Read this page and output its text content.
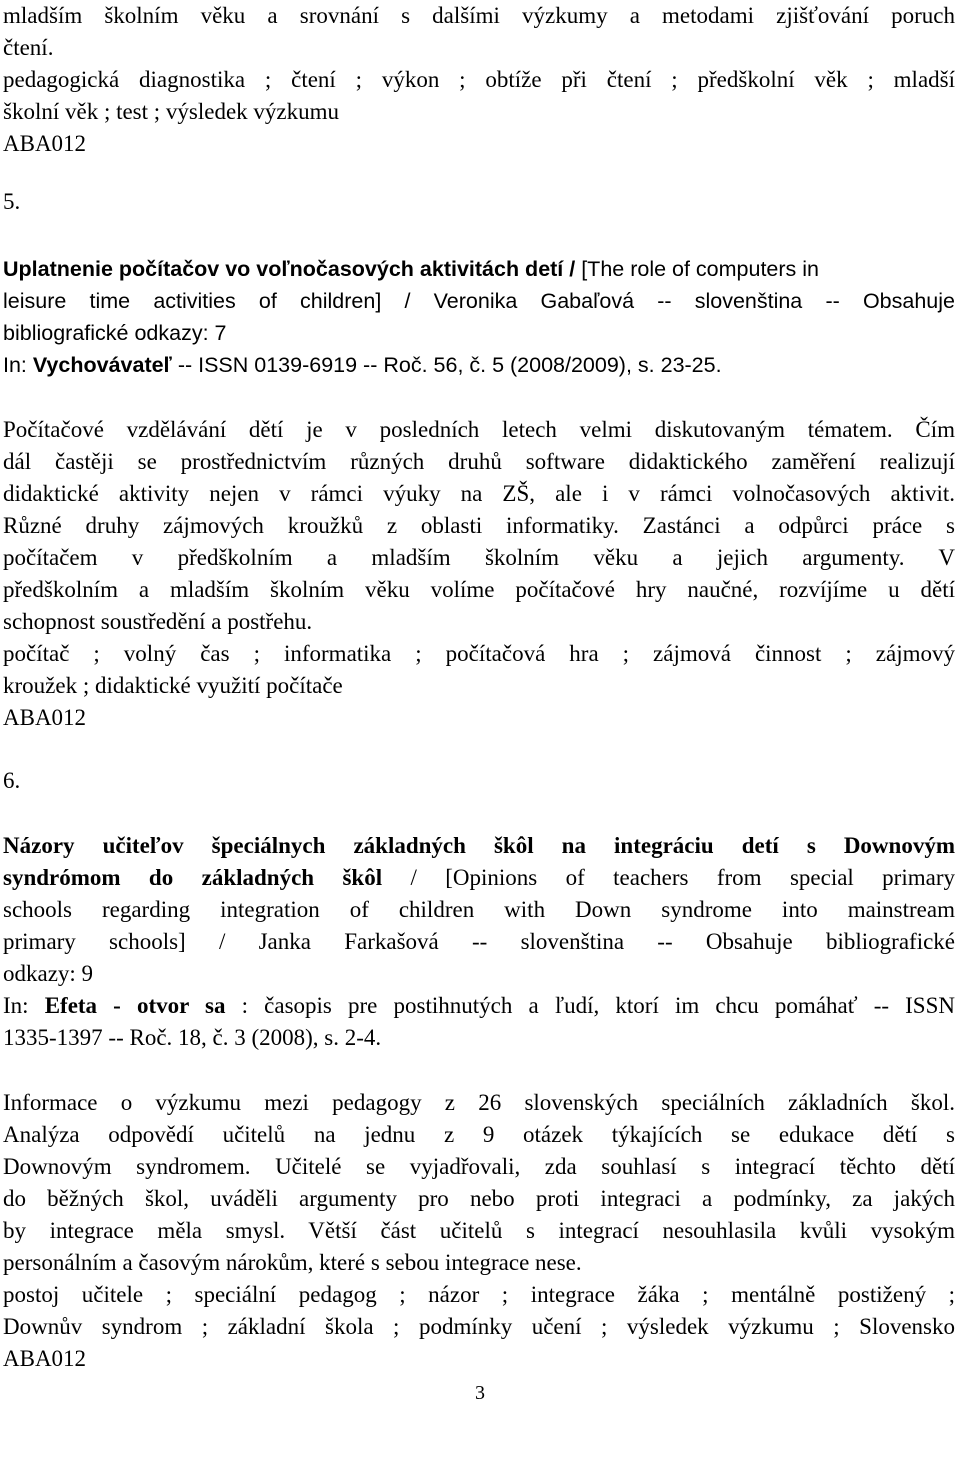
mladším školním věku a srovnání s dalšími výzkumy a metodami zjišťování poruch
čtení.
pedagogická diagnostika ; čtení ; výkon ; obtíže při čtení ; předškolní věk ; mladší
školní věk ; test ; výsledek výzkumu
ABA012
5.
Uplatnenie počítačov vo voľnočasových aktivitách detí / [The role of computers in
leisure time activities of children] / Veronika Gabaľová -- slovenština -- Obsahuje
bibliografické odkazy: 7
In: Vychovávateľ -- ISSN 0139-6919 -- Roč. 56, č. 5 (2008/2009), s. 23-25.
Počítačové vzdělávání dětí je v posledních letech velmi diskutovaným tématem. Čím
dál častěji se prostřednictvím různých druhů software didaktického zaměření realizují
didaktické aktivity nejen v rámci výuky na ZŠ, ale i v rámci volnočasových aktivit.
Různé druhy zájmových kroužků z oblasti informatiky. Zastánci a odpůrci práce s
počítačem v předškolním a mladším školním věku a jejich argumenty. V
předškolním a mladším školním věku volíme počítačové hry naučné, rozvíjíme u dětí
schopnost soustředění a postřehu.
počítač ; volný čas ; informatika ; počítačová hra ; zájmová činnost ; zájmový
kroužek ; didaktické využití počítače
ABA012
6.
Názory učiteľov špeciálnych základných škôl na integráciu detí s Downovým
syndrómom do základných škôl / [Opinions of teachers from special primary
schools regarding integration of children with Down syndrome into mainstream
primary schools] / Janka Farkašová -- slovenština -- Obsahuje bibliografické
odkazy: 9
In: Efeta - otvor sa : časopis pre postihnutých a ľudí, ktorí im chcu pomáhať -- ISSN
1335-1397 -- Roč. 18, č. 3 (2008), s. 2-4.
Informace o výzkumu mezi pedagogy z 26 slovenských speciálních základních škol.
Analýza odpovědí učitelů na jednu z 9 otázek týkajících se edukace dětí s
Downovým syndromem. Učitelé se vyjadřovali, zda souhlasí s integrací těchto dětí
do běžných škol, uváděli argumenty pro nebo proti integraci a podmínky, za jakých
by integrace měla smysl. Větší část učitelů s integrací nesouhlasila kvůli vysokým
personálním a časovým nárokům, které s sebou integrace nese.
postoj učitele ; speciální pedagog ; názor ; integrace žáka ; mentálně postižený ;
Downův syndrom ; základní škola ; podmínky učení ; výsledek výzkumu ; Slovensko
ABA012
3
